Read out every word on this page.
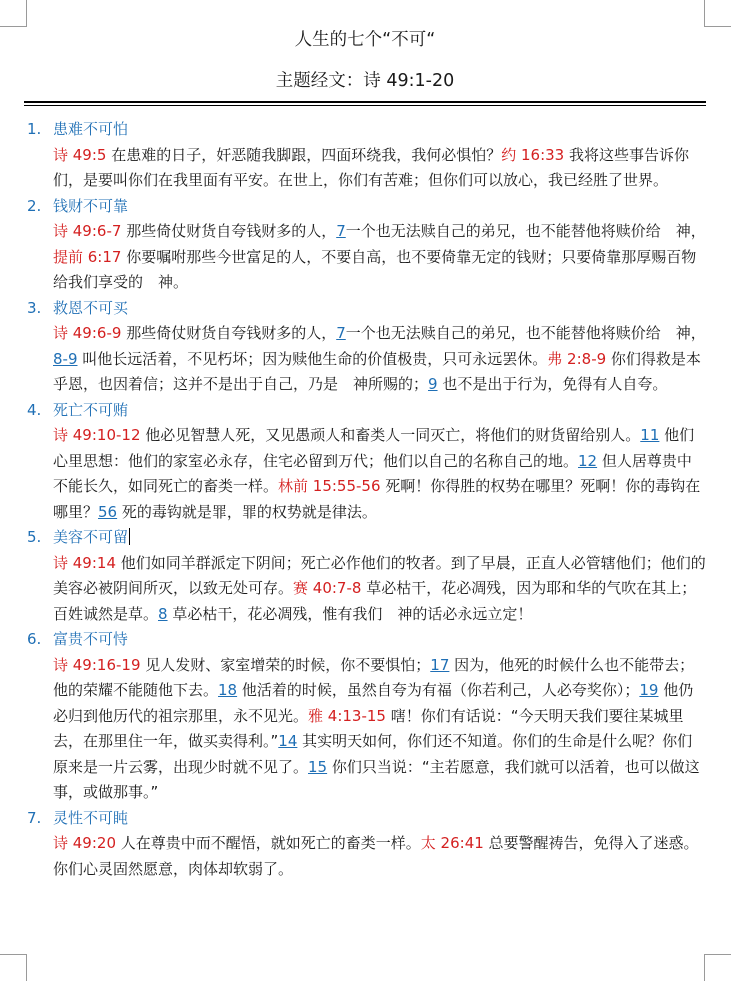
人生的七个“不可“
主题经文：诗 49:1-20
1. 患难不可怕
诗 49:5 在患难的日子，奸恶随我脚跟，四面环绕我，我何必惧怕？约 16:33 我将这些事告诉你们，是要叫你们在我里面有平安。在世上，你们有苦难；但你们可以放心，我已经胜了世界。
2. 钱财不可靠
诗 49:6-7 那些倚仗财货自夸钱财多的人，7一个也无法赎自己的弟兄，也不能替他将赎价给　神，提前 6:17 你要嘱咐那些今世富足的人，不要自高，也不要倚靠无定的钱财；只要倚靠那厚赐百物给我们享受的　神。
3. 救恩不可买
诗 49:6-9 那些倚仗财货自夸钱财多的人，7一个也无法赎自己的弟兄，也不能替他将赎价给　神，8-9 叫他长远活着，不见朽坏；因为赎他生命的价值极贵，只可永远罢休。弗 2:8-9 你们得救是本乎恩，也因着信；这并不是出于自己，乃是　神所赐的；9 也不是出于行为，免得有人自夸。
4. 死亡不可贿
诗 49:10-12 他必见智慧人死，又见愚顽人和畜类人一同灭亡，将他们的财货留给别人。11 他们心里思想：他们的家室必永存，住宅必留到万代；他们以自己的名称自己的地。12 但人居尊贵中不能长久，如同死亡的畜类一样。林前 15:55-56 死啊！你得胜的权势在哪里？死啊！你的毒钩在哪里？56 死的毒钩就是罪，罪的权势就是律法。
5. 美容不可留
诗 49:14 他们如同羊群派定下阴间；死亡必作他们的牧者。到了早晨，正直人必管辖他们；他们的美容必被阴间所灭，以致无处可存。赛 40:7-8 草必枯干，花必凋残，因为耶和华的气吹在其上；百姓诚然是草。8 草必枯干，花必凋残，惟有我们　神的话必永远立定！
6. 富贵不可恃
诗 49:16-19 见人发财、家室增荣的时候，你不要惧怕；17 因为，他死的时候什么也不能带去；他的荣耀不能随他下去。18 他活着的时候，虽然自夸为有福（你若利己，人必夸奖你）；19 他仍必归到他历代的祖宗那里，永不见光。雅 4:13-15 嗐！你们有话说：“今天明天我们要往某城里去，在那里住一年，做买卖得利。”14 其实明天如何，你们还不知道。你们的生命是什么呢？你们原来是一片云雾，出现少时就不见了。15 你们只当说：“主若愿意，我们就可以活着，也可以做这事，或做那事。”
7. 灵性不可盹
诗 49:20 人在尊贵中而不醒悟，就如死亡的畜类一样。太 26:41 总要警醒祷告，免得入了迷惑。你们心灵固然愿意，肉体却软弱了。
